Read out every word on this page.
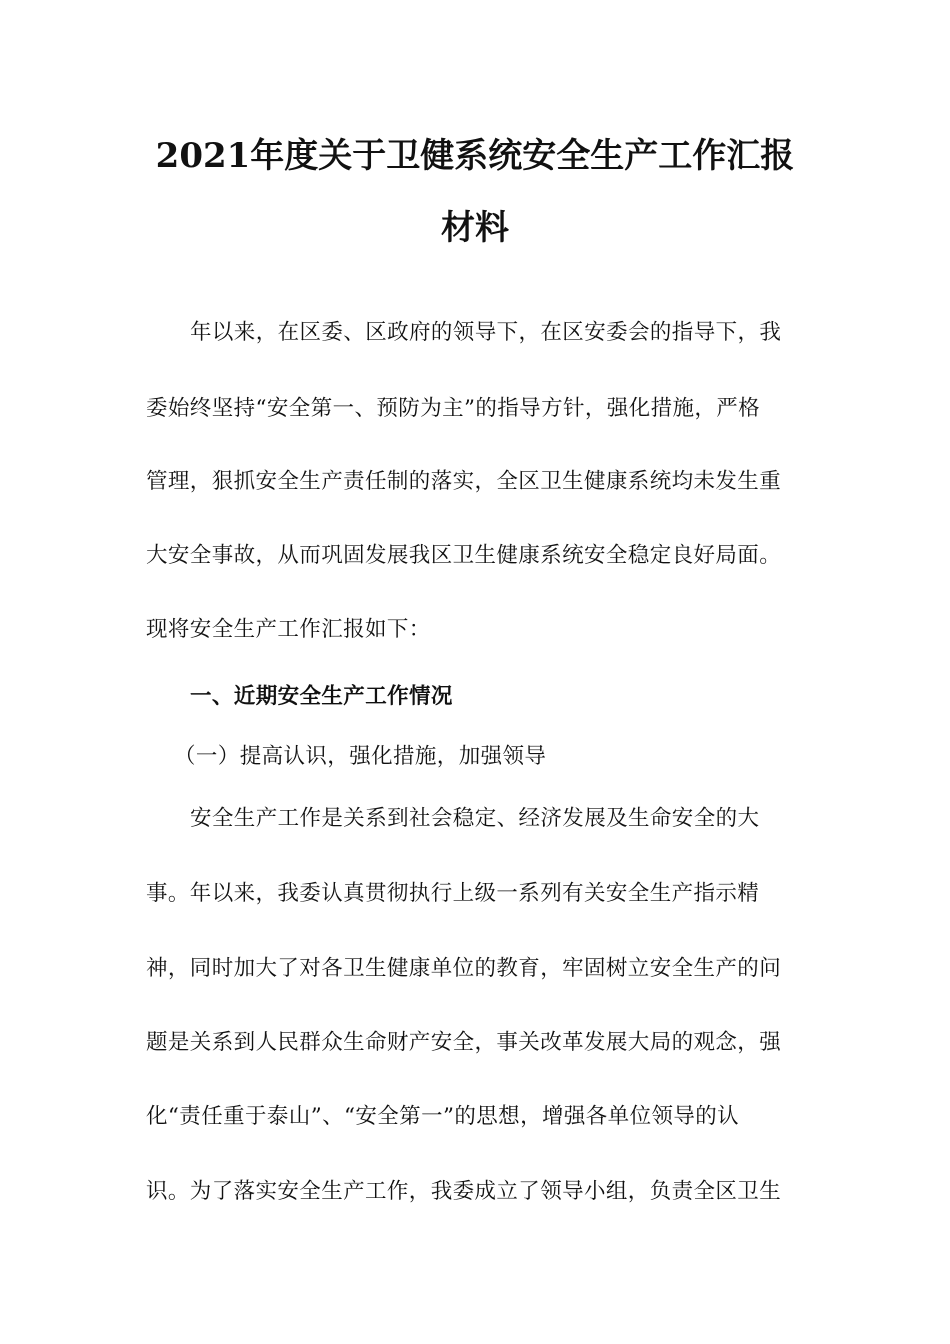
2021年度关于卫健系统安全生产工作汇报
材料
年以来，在区委、区政府的领导下，在区安委会的指导下，我
委始终坚持“安全第一、预防为主”的指导方针，强化措施，严格
管理，狠抓安全生产责任制的落实，全区卫生健康系统均未发生重
大安全事故，从而巩固发展我区卫生健康系统安全稳定良好局面。
现将安全生产工作汇报如下：
一、近期安全生产工作情况
（一）提高认识，强化措施，加强领导
安全生产工作是关系到社会稳定、经济发展及生命安全的大
事。年以来，我委认真贯彻执行上级一系列有关安全生产指示精
神，同时加大了对各卫生健康单位的教育，牢固树立安全生产的问
题是关系到人民群众生命财产安全，事关改革发展大局的观念，强
化“责任重于泰山”、“安全第一”的思想，增强各单位领导的认
识。为了落实安全生产工作，我委成立了领导小组，负责全区卫生
